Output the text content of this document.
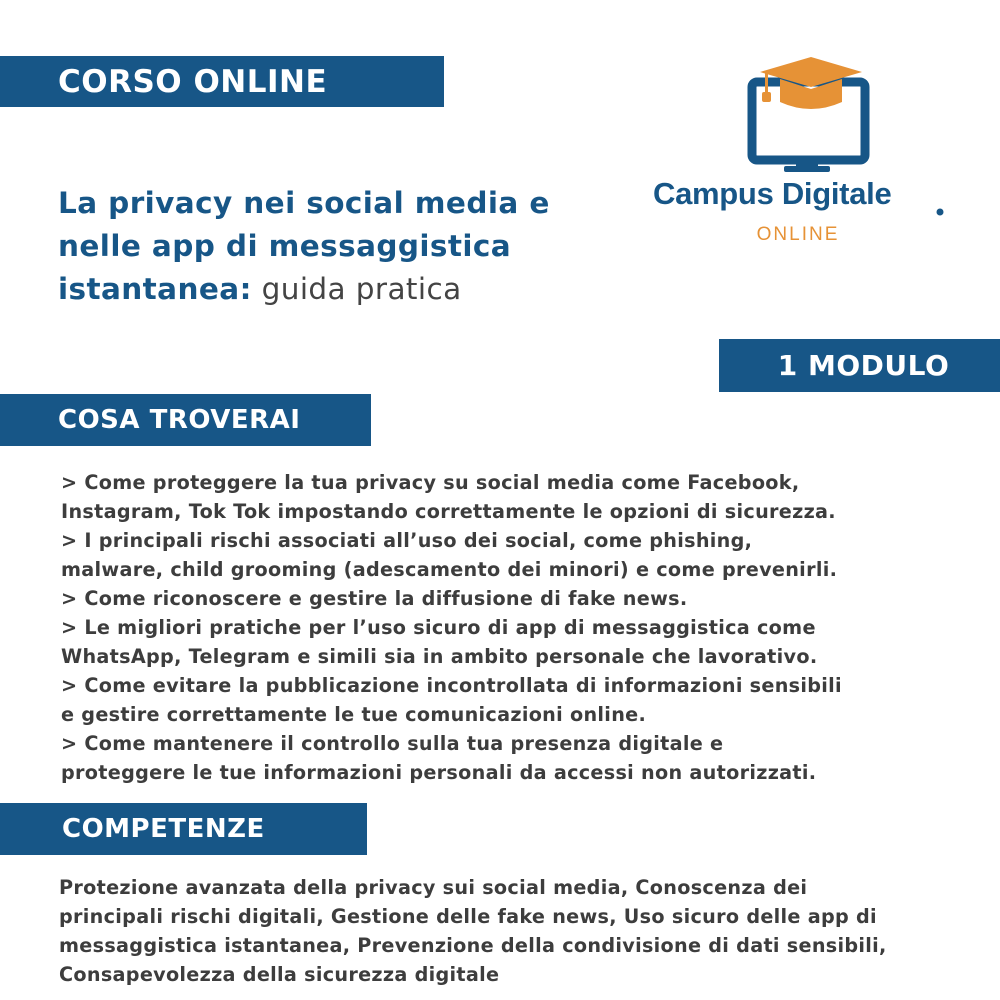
CORSO ONLINE
La privacy nei social media e
nelle app di messaggistica
istantanea: guida pratica
Campus Digitale
ONLINE
1 MODULO
COSA TROVERAI
> Come proteggere la tua privacy su social media come Facebook,
Instagram, Tok Tok impostando correttamente le opzioni di sicurezza.
> I principali rischi associati all’uso dei social, come phishing,
malware, child grooming (adescamento dei minori) e come prevenirli.
> Come riconoscere e gestire la diffusione di fake news.
> Le migliori pratiche per l’uso sicuro di app di messaggistica come
WhatsApp, Telegram e simili sia in ambito personale che lavorativo.
> Come evitare la pubblicazione incontrollata di informazioni sensibili
e gestire correttamente le tue comunicazioni online.
> Come mantenere il controllo sulla tua presenza digitale e
proteggere le tue informazioni personali da accessi non autorizzati.
COMPETENZE
Protezione avanzata della privacy sui social media, Conoscenza dei
principali rischi digitali, Gestione delle fake news, Uso sicuro delle app di
messaggistica istantanea, Prevenzione della condivisione di dati sensibili,
Consapevolezza della sicurezza digitale
